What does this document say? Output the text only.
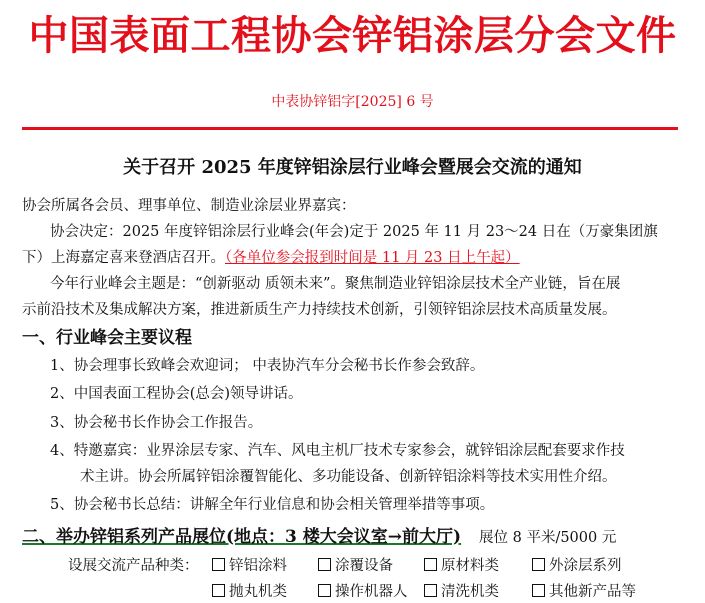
中国表面工程协会锌铝涂层分会文件
中表协锌铝字[2025] 6 号
关于召开 2025 年度锌铝涂层行业峰会暨展会交流的通知
协会所属各会员、理事单位、制造业涂层业界嘉宾：
协会决定：2025 年度锌铝涂层行业峰会(年会)定于 2025 年 11 月 23～24 日在（万豪集团旗
下）上海嘉定喜来登酒店召开。（各单位参会报到时间是 11 月 23 日上午起）
今年行业峰会主题是：“创新驱动 质领未来”。聚焦制造业锌铝涂层技术全产业链，旨在展
示前沿技术及集成解决方案，推进新质生产力持续技术创新，引领锌铝涂层技术高质量发展。
一、行业峰会主要议程
1、协会理事长致峰会欢迎词； 中表协汽车分会秘书长作参会致辞。
2、中国表面工程协会(总会)领导讲话。
3、协会秘书长作协会工作报告。
4、特邀嘉宾：业界涂层专家、汽车、风电主机厂技术专家参会，就锌铝涂层配套要求作技
术主讲。协会所属锌铝涂覆智能化、多功能设备、创新锌铝涂料等技术实用性介绍。
5、协会秘书长总结：讲解全年行业信息和协会相关管理举措等事项。
二、举办锌铝系列产品展位(地点：3 楼大会议室→前大厅) 展位 8 平米/5000 元
设展交流产品种类：	锌铝涂料	涂覆设备	原材料类	外涂层系列
抛丸机类	操作机器人	清洗机类	其他新产品等
